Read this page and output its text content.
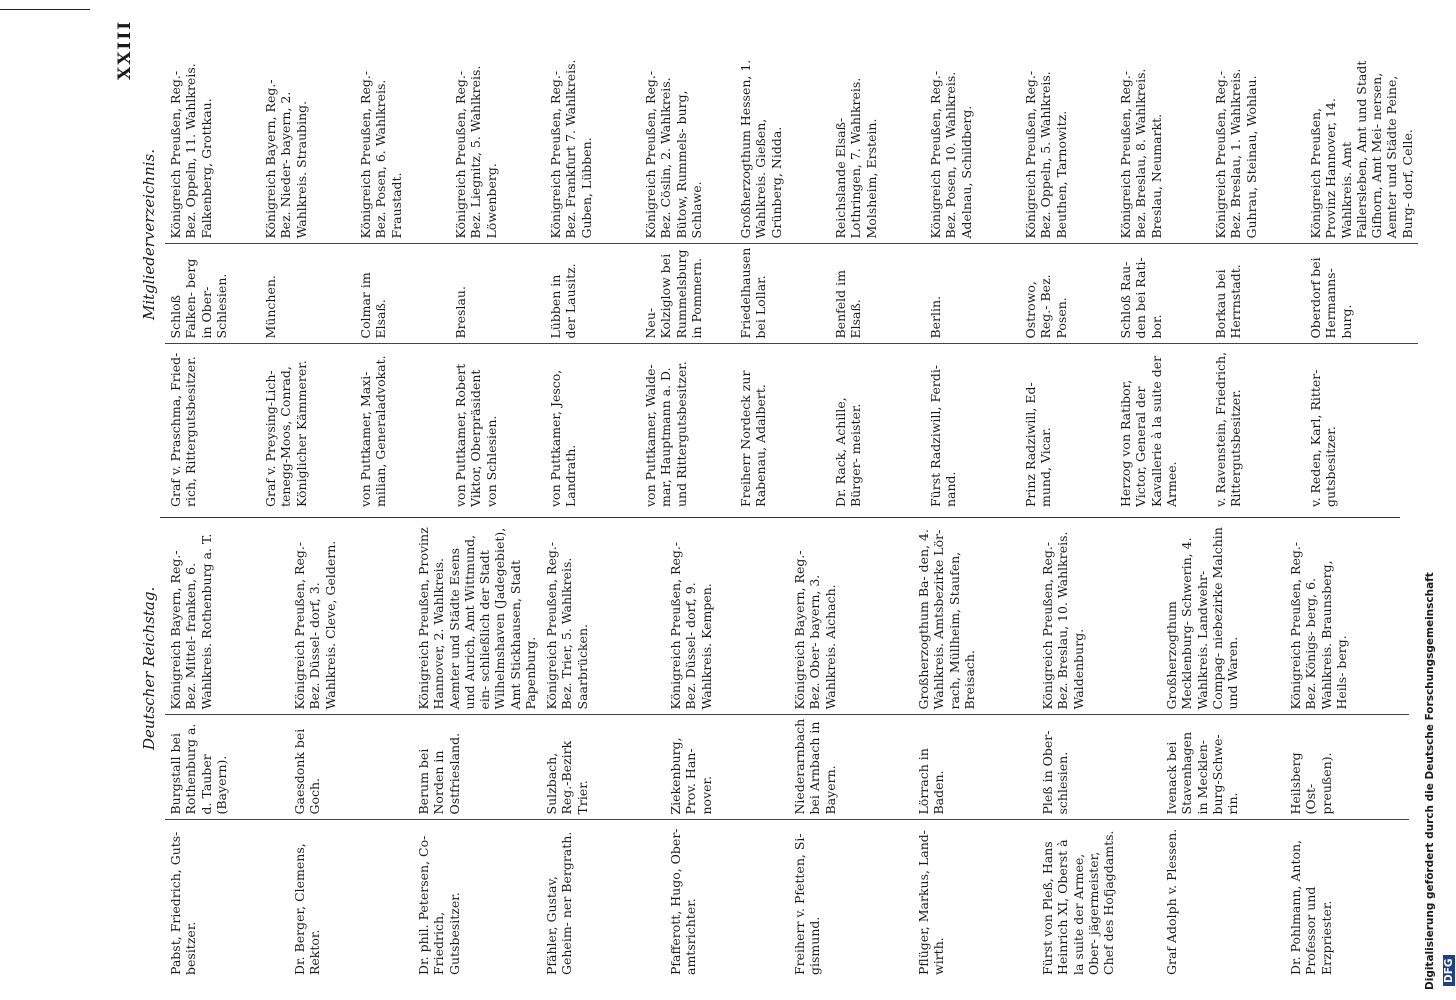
XXIII
Deutscher Reichstag.
Mitgliederverzeichnis.
Pabst, Friedrich, Guts- besitzer.	Burgstall bei Rothenburg a. d. Tauber (Bayern).	Königreich Bayern, Reg.-Bez. Mittel- franken, 6. Wahlkreis. Rothenburg a. T.
Dr. Berger, Clemens, Rektor.	Gaesdonk bei Goch.	Königreich Preußen, Reg.-Bez. Düssel- dorf, 3. Wahlkreis. Cleve, Geldern.
Dr. phil. Petersen, Co- Friedrich, Gutsbesitzer.	Berum bei Norden in Ostfriesland.	Königreich Preußen, Provinz Hannover, 2. Wahlkreis. Aemter und Städte Esens und Aurich, Amt Wittmund, ein- schließlich der Stadt Wilhelmshaven (Jadegebiet), Amt Stickhausen, Stadt Papenburg.
Pfähler, Gustav, Geheim- ner Bergrath.	Sulzbach, Reg.-Bezirk Trier.	Königreich Preußen, Reg.-Bez. Trier, 5. Wahlkreis. Saarbrücken.
Pfafferott, Hugo, Ober- amtsrichter.	Ziekenburg, Prov. Han- nover.	Königreich Preußen, Reg.-Bez. Düssel- dorf, 9. Wahlkreis. Kempen.
Freiherr v. Pfetten, Si- gismund.	Niederarnbach bei Arnbach in Bayern.	Königreich Bayern, Reg.-Bez. Ober- bayern, 3. Wahlkreis. Aichach.
Pflüger, Markus, Land- wirth.	Lörrach in Baden.	Großherzogthum Ba- den, 4. Wahlkreis. Amtsbezirke Lör- rach, Müllheim, Staufen, Breisach.
Fürst von Pleß, Hans Heinrich XI, Oberst à la suite der Armee, Ober- jägermeister, Chef des Hofjagdamts.	Pleß in Ober- schlesien.	Königreich Preußen, Reg.-Bez. Breslau, 10. Wahlkreis. Waldenburg.
Graf Adolph v. Plessen.	Ivenack bei Stavenhagen in Mecklen- burg-Schwe- rin.	Großherzogthum Mecklenburg- Schwerin, 4. Wahlkreis. Landwehr-Compag- niebezirke Malchin und Waren.
Dr. Pohlmann, Anton, Professor und Erzpriester.	Heilsberg (Ost- preußen).	Königreich Preußen, Reg.-Bez. Königs- berg, 6. Wahlkreis. Braunsberg, Heils- berg.
Graf v. Praschma, Fried- rich, Rittergutsbesitzer.	Schloß Falken- berg in Ober- Schlesien.	Königreich Preußen, Reg.-Bez. Oppeln, 11. Wahlkreis. Falkenberg, Grottkau.
Graf v. Preysing-Lich- tenegg-Moos, Conrad, Königlicher Kämmerer.	München.	Königreich Bayern, Reg.-Bez. Nieder- bayern, 2. Wahlkreis. Straubing.
von Puttkamer, Maxi- milian, Generaladvokat.	Colmar im Elsaß.	Königreich Preußen, Reg.-Bez. Posen, 6. Wahlkreis. Fraustadt.
von Puttkamer, Robert Viktor, Oberpräsident von Schlesien.	Breslau.	Königreich Preußen, Reg.-Bez. Liegnitz, 5. Wahlkreis. Löwenberg.
von Puttkamer, Jesco, Landrath.	Lübben in der Lausitz.	Königreich Preußen, Reg.-Bez. Frankfurt 7. Wahlkreis. Guben, Lübben.
von Puttkamer, Walde- mar, Hauptmann a. D. und Rittergutsbesitzer.	Neu-Kolziglow bei Rummelsburg in Pommern.	Königreich Preußen, Reg.-Bez. Cöslin, 2. Wahlkreis. Bütow, Rummels- burg, Schlawe.
Freiherr Nordeck zur Rabenau, Adalbert.	Friedelhausen bei Lollar.	Großherzogthum Hessen, 1. Wahlkreis. Gießen, Grünberg, Nidda.
Dr. Rack, Achille, Bürger- meister.	Benfeld im Elsaß.	Reichslande Elsaß- Lothringen, 7. Wahlkreis. Molsheim, Erstein.
Fürst Radziwill, Ferdi- nand.	Berlin.	Königreich Preußen, Reg.-Bez. Posen, 10. Wahlkreis. Adelnau, Schildberg.
Prinz Radziwill, Ed- mund, Vicar.	Ostrowo, Reg.- Bez. Posen.	Königreich Preußen, Reg.-Bez. Oppeln, 5. Wahlkreis. Beuthen, Tarnowitz.
Herzog von Ratibor, Victor, General der Kavallerie à la suite der Armee.	Schloß Rau- den bei Rati- bor.	Königreich Preußen, Reg.-Bez. Breslau, 8. Wahlkreis. Breslau, Neumarkt.
v. Ravenstein, Friedrich, Rittergutsbesitzer.	Borkau bei Herrnstadt.	Königreich Preußen, Reg.-Bez. Breslau, 1. Wahlkreis. Guhrau, Steinau, Wohlau.
v. Reden, Karl, Ritter- gutsbesitzer.	Oberdorf bei Hermanns- burg.	Königreich Preußen, Provinz Hannover, 14. Wahlkreis. Amt Fallersleben, Amt und Stadt Gifhorn, Amt Mei- nersen, Aemter und Städte Peine, Burg- dorf, Celle.
Digitalisierung gefördert durch die Deutsche Forschungsgemeinschaft DFG
